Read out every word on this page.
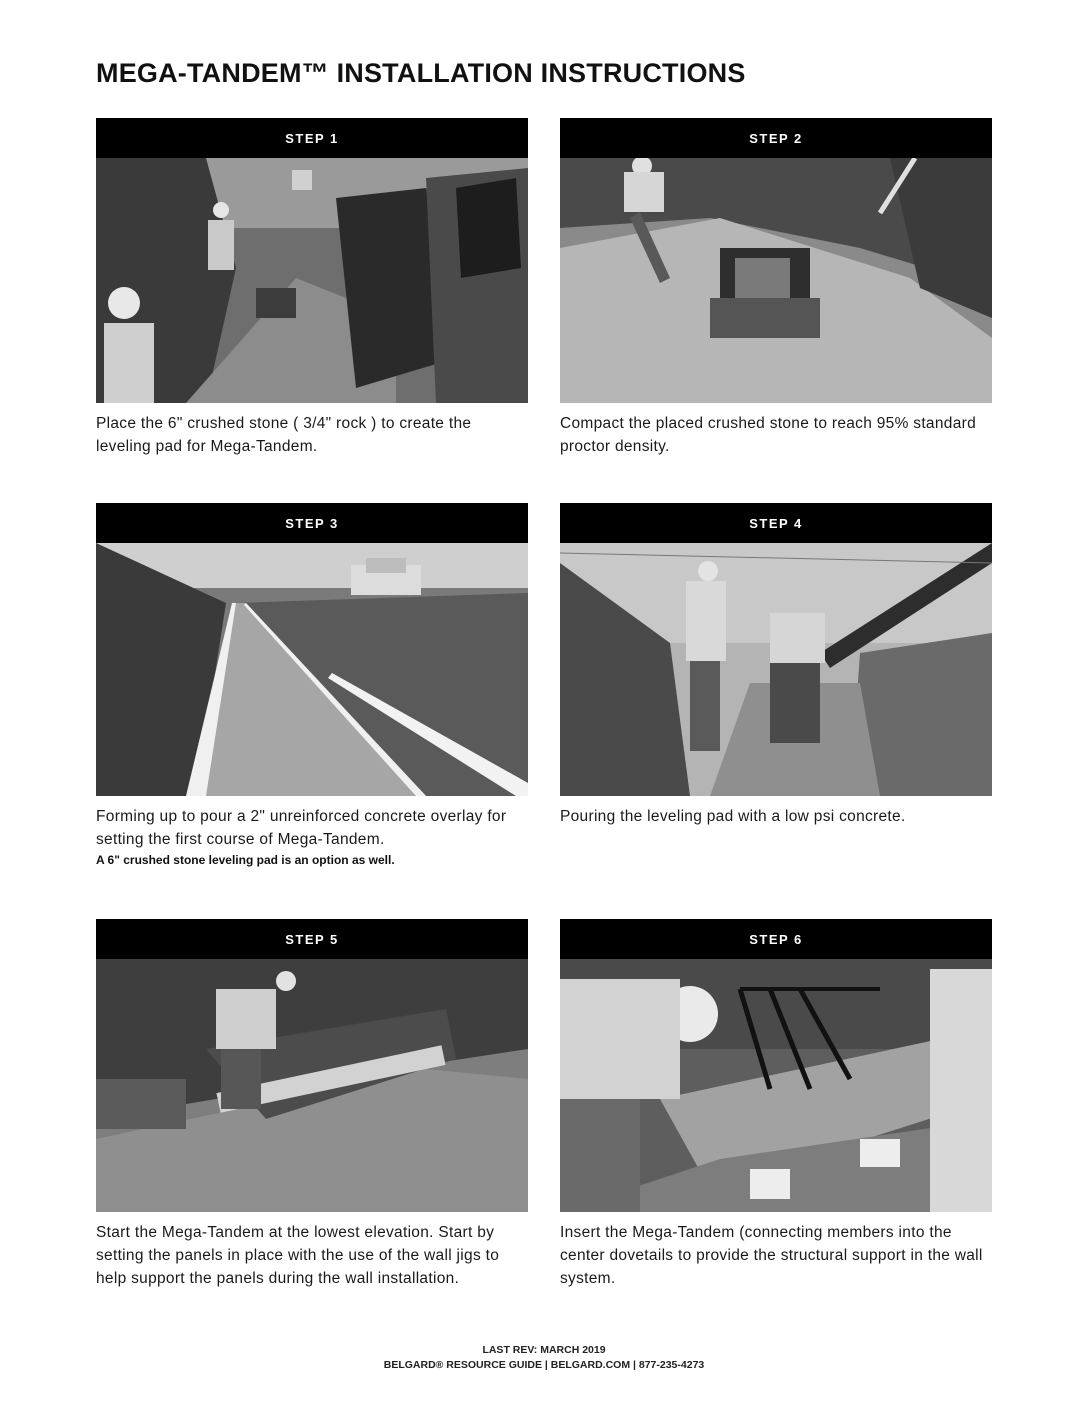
MEGA-TANDEM™ INSTALLATION INSTRUCTIONS
STEP 1
Place the 6" crushed stone ( 3/4" rock ) to create the leveling pad for Mega-Tandem.
STEP 2
Compact the placed crushed stone to reach 95% standard proctor density.
STEP 3
Forming up to pour a 2" unreinforced concrete overlay for setting the first course of Mega-Tandem.
A 6" crushed stone leveling pad is an option as well.
STEP 4
Pouring the leveling pad with a low psi concrete.
STEP 5
Start the Mega-Tandem at the lowest elevation. Start by setting the panels in place with the use of the wall jigs to help support the panels during the wall installation.
STEP 6
Insert the Mega-Tandem (connecting members into the center dovetails to provide the structural support in the wall system.
LAST REV: MARCH 2019
BELGARD® RESOURCE GUIDE | BELGARD.COM | 877-235-4273
